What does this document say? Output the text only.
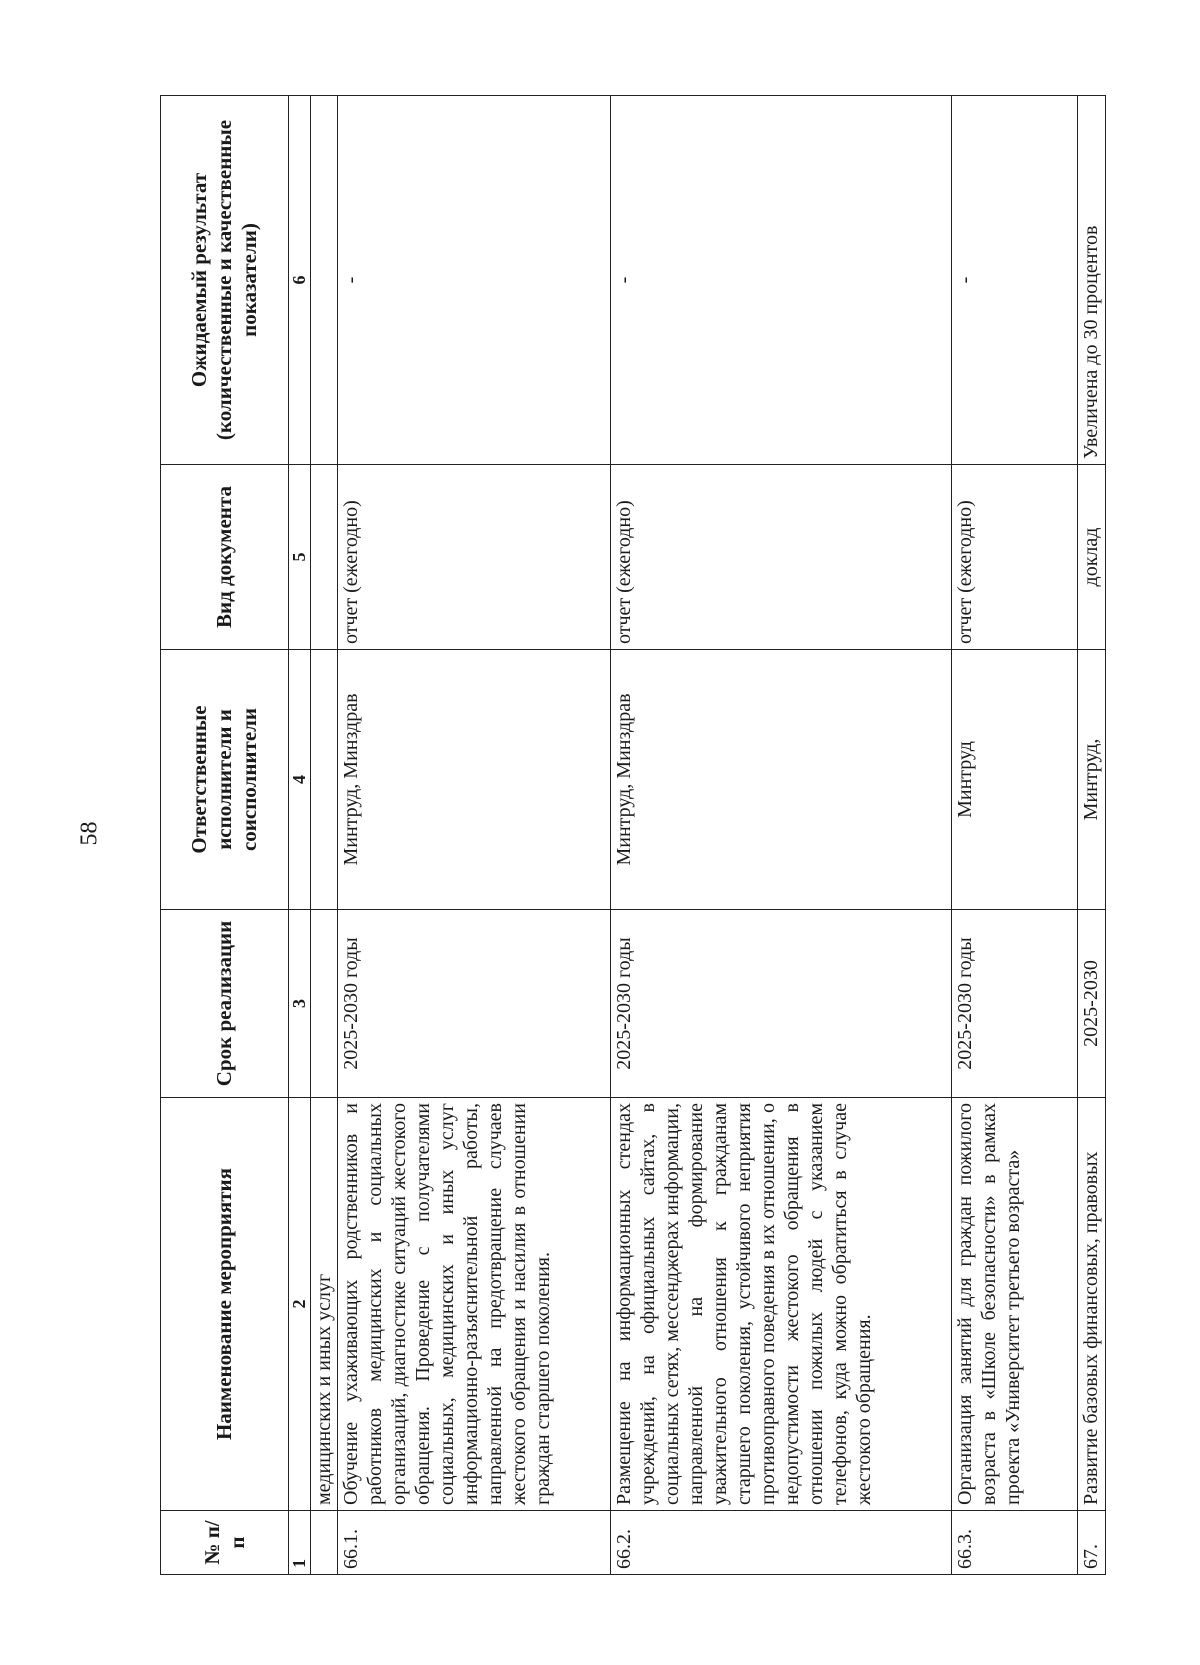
58
№ п/п	Наименование мероприятия	Срок реализации	Ответственные исполнители и соисполнители	Вид документа	Ожидаемый результат (количественные и качественные показатели)
1	2	3	4	5	6
	медицинских и иных услуг				
66.1.	Обучение ухаживающих родственников и работников медицинских и социальных организаций, диагностике ситуаций жестокого обращения. Проведение с получателями социальных, медицинских и иных услуг информационно-разъяснительной работы, направленной на предотвращение случаев жестокого обращения и насилия в отношении граждан старшего поколения.	2025-2030 годы	Минтруд, Минздрав	отчет (ежегодно)	-
66.2.	Размещение на информационных стендах учреждений, на официальных сайтах, в социальных сетях, мессенджерах информации, направленной на формирование уважительного отношения к гражданам старшего поколения, устойчивого неприятия противоправного поведения в их отношении, о недопустимости жестокого обращения в отношении пожилых людей с указанием телефонов, куда можно обратиться в случае жестокого обращения.	2025-2030 годы	Минтруд, Минздрав	отчет (ежегодно)	-
66.3.	Организация занятий для граждан пожилого возраста в «Школе безопасности» в рамках проекта «Университет третьего возраста»	2025-2030 годы	Минтруд	отчет (ежегодно)	-
67.	Развитие базовых финансовых, правовых	2025-2030	Минтруд,	доклад	Увеличена до 30 процентов
